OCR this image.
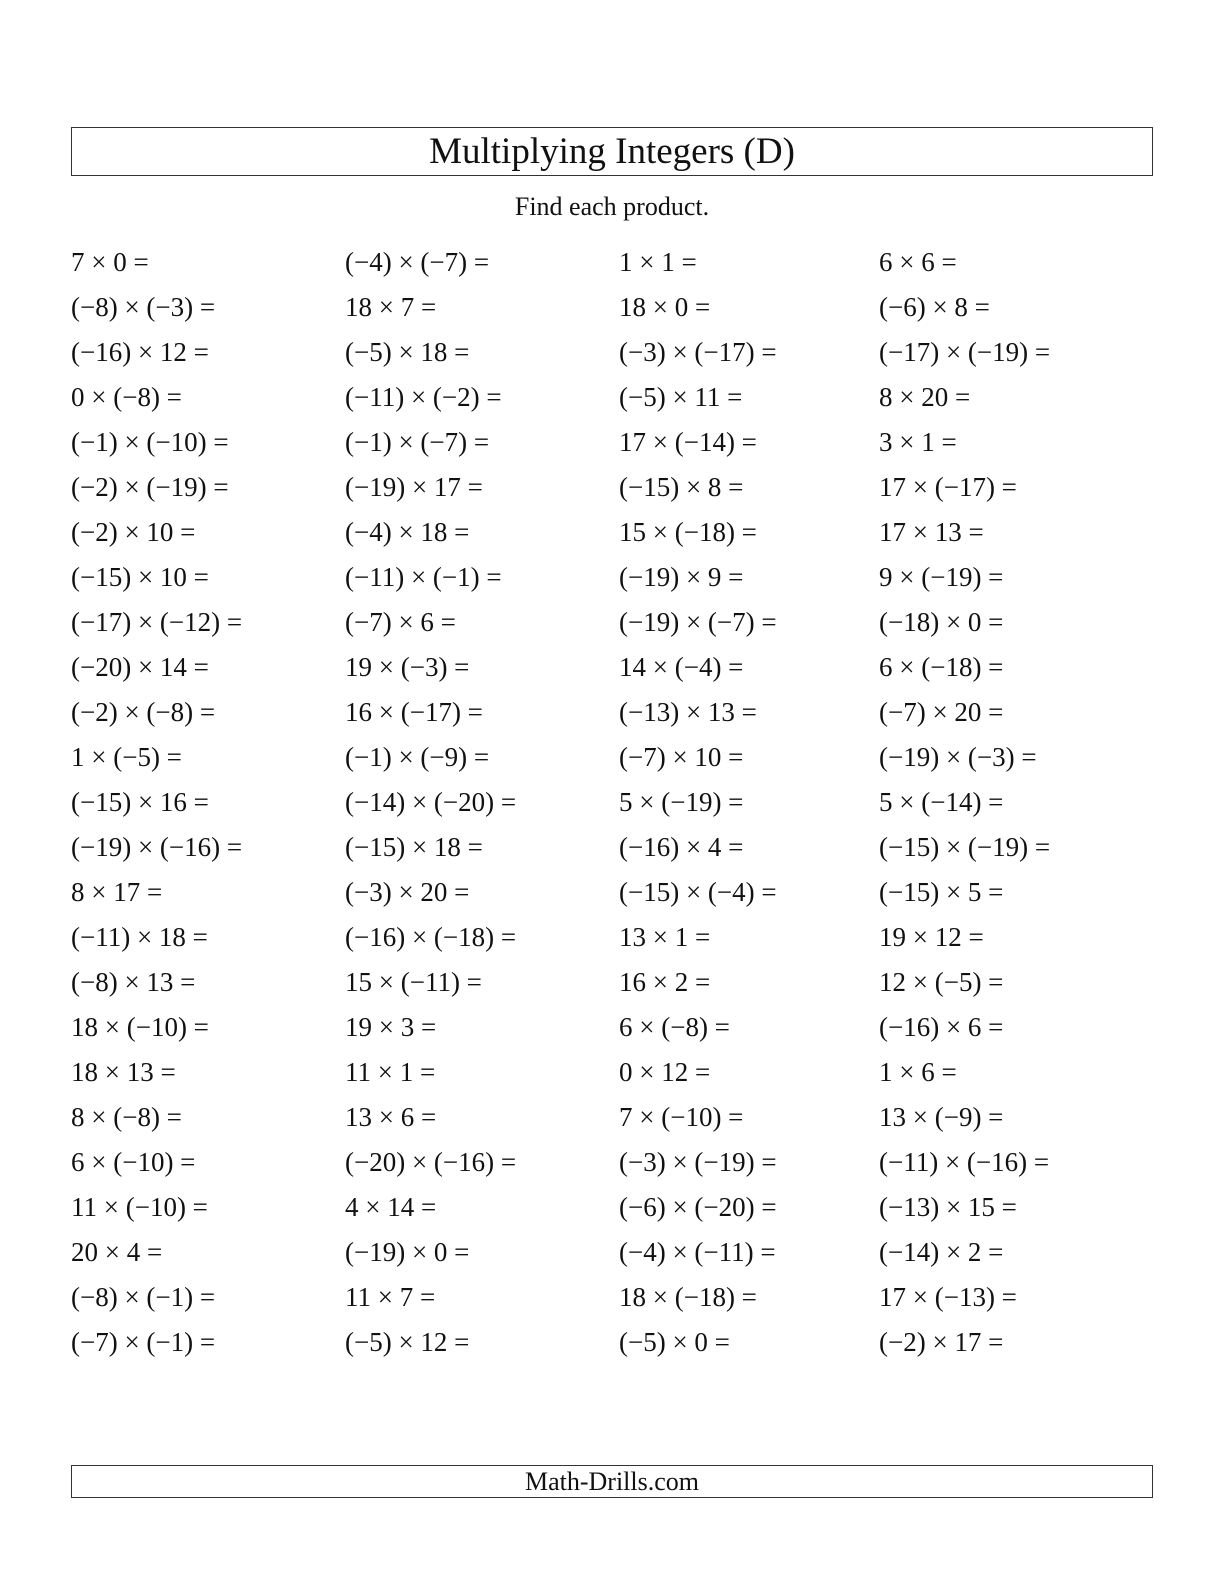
Multiplying Integers (D)
Find each product.
7 × 0 =	(−4) × (−7) =	1 × 1 =	6 × 6 =
(−8) × (−3) =	18 × 7 =	18 × 0 =	(−6) × 8 =
(−16) × 12 =	(−5) × 18 =	(−3) × (−17) =	(−17) × (−19) =
0 × (−8) =	(−11) × (−2) =	(−5) × 11 =	8 × 20 =
(−1) × (−10) =	(−1) × (−7) =	17 × (−14) =	3 × 1 =
(−2) × (−19) =	(−19) × 17 =	(−15) × 8 =	17 × (−17) =
(−2) × 10 =	(−4) × 18 =	15 × (−18) =	17 × 13 =
(−15) × 10 =	(−11) × (−1) =	(−19) × 9 =	9 × (−19) =
(−17) × (−12) =	(−7) × 6 =	(−19) × (−7) =	(−18) × 0 =
(−20) × 14 =	19 × (−3) =	14 × (−4) =	6 × (−18) =
(−2) × (−8) =	16 × (−17) =	(−13) × 13 =	(−7) × 20 =
1 × (−5) =	(−1) × (−9) =	(−7) × 10 =	(−19) × (−3) =
(−15) × 16 =	(−14) × (−20) =	5 × (−19) =	5 × (−14) =
(−19) × (−16) =	(−15) × 18 =	(−16) × 4 =	(−15) × (−19) =
8 × 17 =	(−3) × 20 =	(−15) × (−4) =	(−15) × 5 =
(−11) × 18 =	(−16) × (−18) =	13 × 1 =	19 × 12 =
(−8) × 13 =	15 × (−11) =	16 × 2 =	12 × (−5) =
18 × (−10) =	19 × 3 =	6 × (−8) =	(−16) × 6 =
18 × 13 =	11 × 1 =	0 × 12 =	1 × 6 =
8 × (−8) =	13 × 6 =	7 × (−10) =	13 × (−9) =
6 × (−10) =	(−20) × (−16) =	(−3) × (−19) =	(−11) × (−16) =
11 × (−10) =	4 × 14 =	(−6) × (−20) =	(−13) × 15 =
20 × 4 =	(−19) × 0 =	(−4) × (−11) =	(−14) × 2 =
(−8) × (−1) =	11 × 7 =	18 × (−18) =	17 × (−13) =
(−7) × (−1) =	(−5) × 12 =	(−5) × 0 =	(−2) × 17 =
Math-Drills.com
